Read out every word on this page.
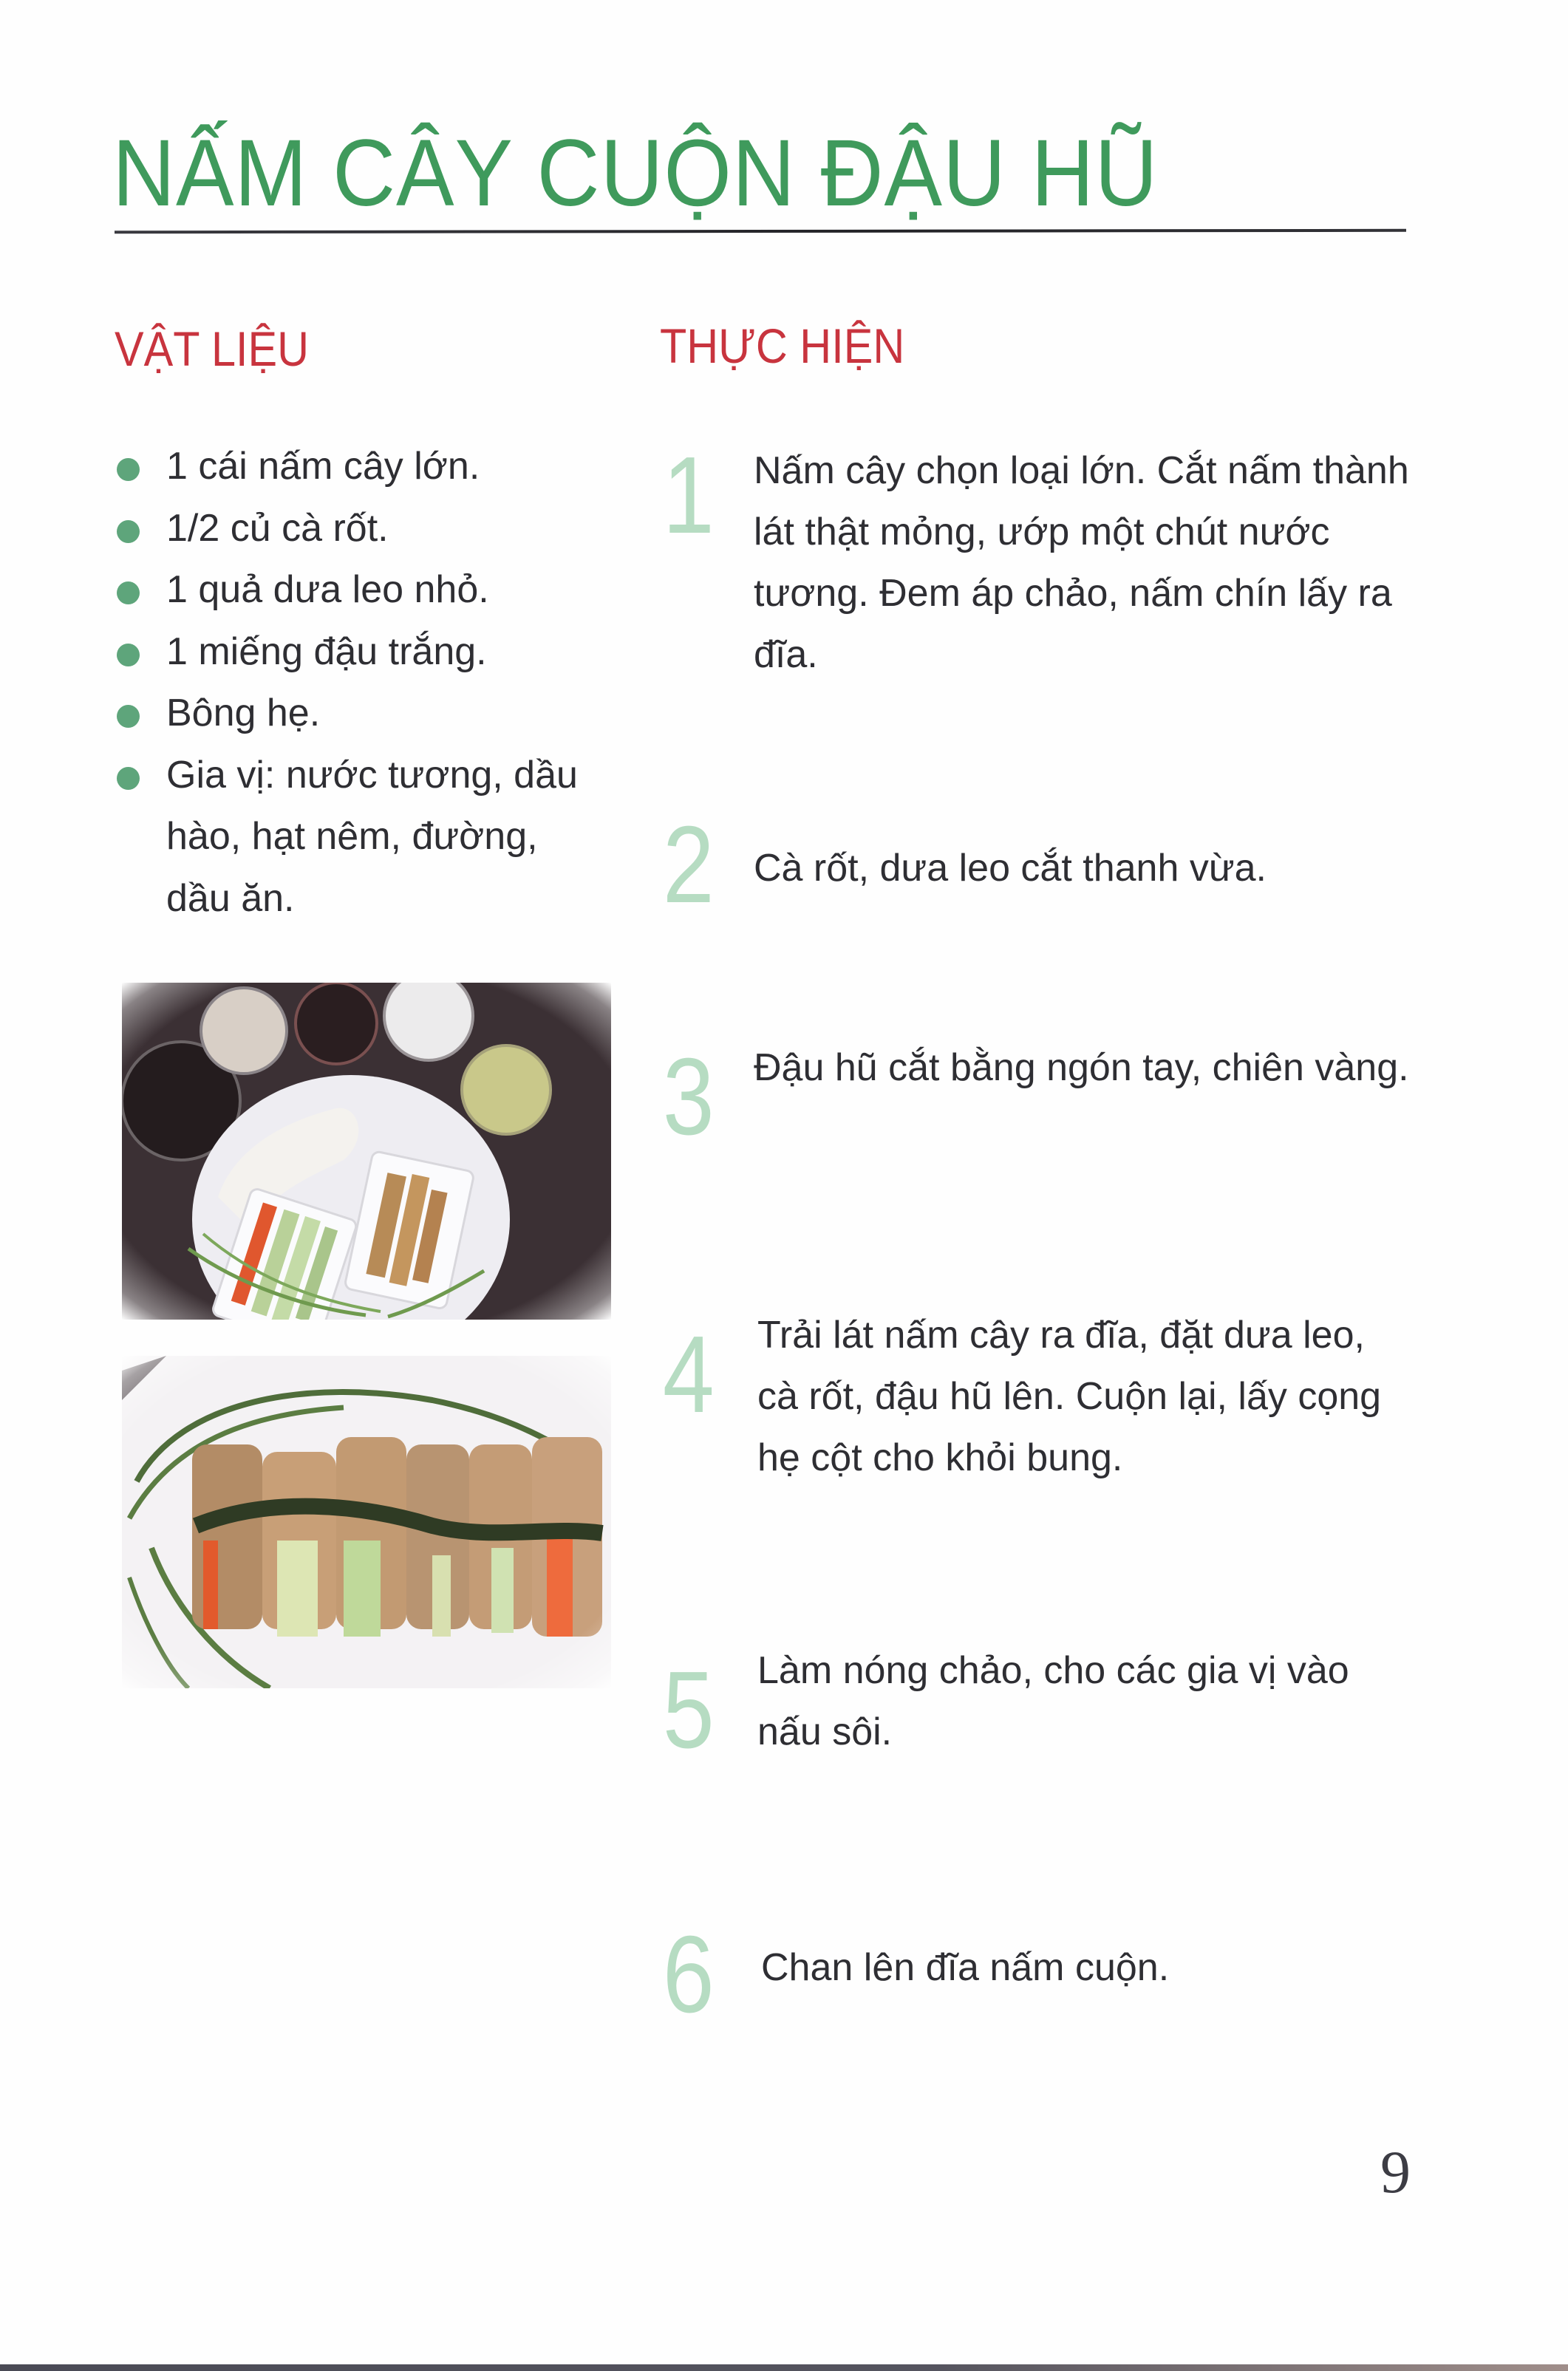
NẤM CÂY CUỘN ĐẬU HŨ
VẬT LIỆU	THỰC HIỆN
1 cái nấm cây lớn.
1/2 củ cà rốt.
1 quả dưa leo nhỏ.
1 miếng đậu trắng.
Bông hẹ.
Gia vị: nước tương, dầu hào, hạt nêm, đường, dầu ăn.
1 Nấm cây chọn loại lớn. Cắt nấm thành lát thật mỏng, ướp một chút nước tương. Đem áp chảo, nấm chín lấy ra đĩa.
2 Cà rốt, dưa leo cắt thanh vừa.
3 Đậu hũ cắt bằng ngón tay, chiên vàng.
4 Trải lát nấm cây ra đĩa, đặt dưa leo, cà rốt, đậu hũ lên. Cuộn lại, lấy cọng hẹ cột cho khỏi bung.
5 Làm nóng chảo, cho các gia vị vào nấu sôi.
6 Chan lên đĩa nấm cuộn.
9
